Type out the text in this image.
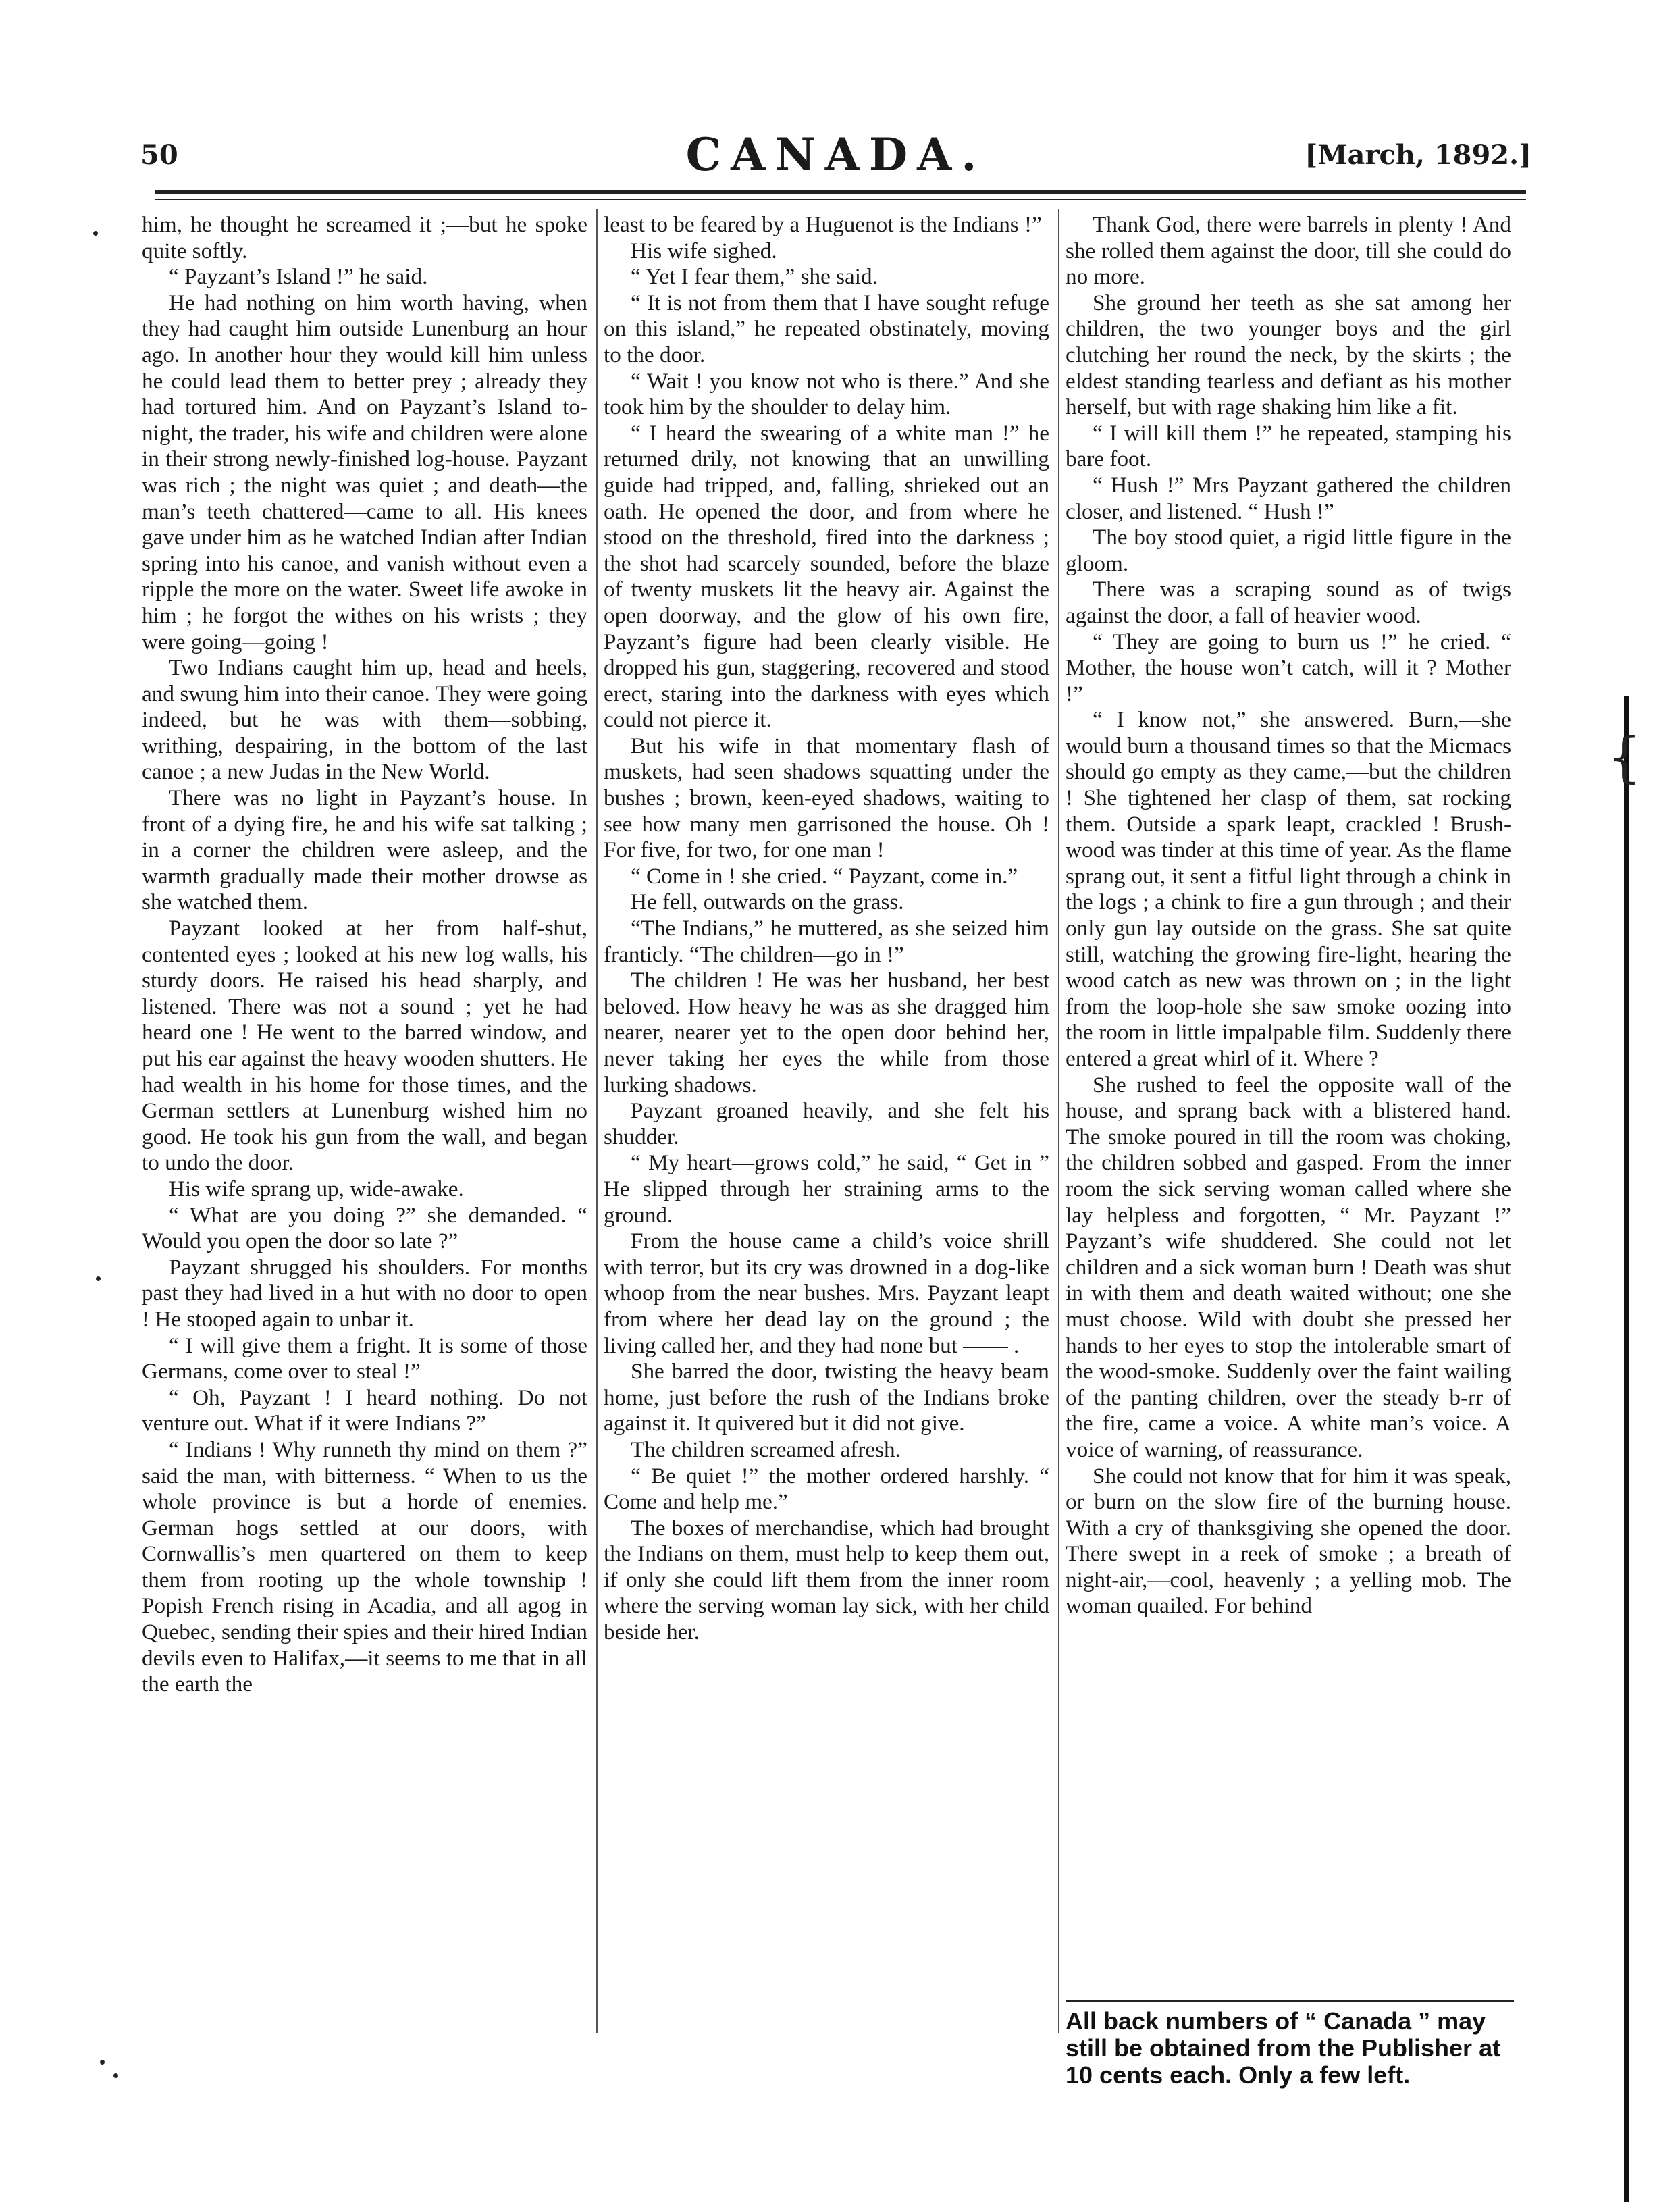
50	CANADA.	[March, 1892.]

him, he thought he screamed it ;—but he spoke quite softly.

“ Payzant’s Island !” he said.

He had nothing on him worth having, when they had caught him outside Lunenburg an hour ago. In another hour they would kill him unless he could lead them to better prey ; already they had tortured him. And on Payzant’s Island to-night, the trader, his wife and children were alone in their strong newly-finished log-house. Payzant was rich ; the night was quiet ; and death—the man’s teeth chattered—came to all. His knees gave under him as he watched Indian after Indian spring into his canoe, and vanish without even a ripple the more on the water. Sweet life awoke in him ; he forgot the withes on his wrists ; they were going—going !

Two Indians caught him up, head and heels, and swung him into their canoe. They were going indeed, but he was with them—sobbing, writhing, despairing, in the bottom of the last canoe ; a new Judas in the New World.

There was no light in Payzant’s house. In front of a dying fire, he and his wife sat talking ; in a corner the children were asleep, and the warmth gradually made their mother drowse as she watched them.

Payzant looked at her from half-shut, contented eyes ; looked at his new log walls, his sturdy doors. He raised his head sharply, and listened. There was not a sound ; yet he had heard one ! He went to the barred window, and put his ear against the heavy wooden shutters. He had wealth in his home for those times, and the German settlers at Lunenburg wished him no good. He took his gun from the wall, and began to undo the door.

His wife sprang up, wide-awake.

“ What are you doing ?” she demanded. “ Would you open the door so late ?”

Payzant shrugged his shoulders. For months past they had lived in a hut with no door to open ! He stooped again to unbar it.

“ I will give them a fright. It is some of those Germans, come over to steal !”

“ Oh, Payzant ! I heard nothing. Do not venture out. What if it were Indians ?”

“ Indians ! Why runneth thy mind on them ?” said the man, with bitterness. “ When to us the whole province is but a horde of enemies. German hogs settled at our doors, with Cornwallis’s men quartered on them to keep them from rooting up the whole township ! Popish French rising in Acadia, and all agog in Quebec, sending their spies and their hired Indian devils even to Halifax,—it seems to me that in all the earth the

least to be feared by a Huguenot is the Indians !”

His wife sighed.

“ Yet I fear them,” she said.

“ It is not from them that I have sought refuge on this island,” he repeated obstinately, moving to the door.

“ Wait ! you know not who is there.” And she took him by the shoulder to delay him.

“ I heard the swearing of a white man !” he returned drily, not knowing that an unwilling guide had tripped, and, falling, shrieked out an oath. He opened the door, and from where he stood on the threshold, fired into the darkness ; the shot had scarcely sounded, before the blaze of twenty muskets lit the heavy air. Against the open doorway, and the glow of his own fire, Payzant’s figure had been clearly visible. He dropped his gun, staggering, recovered and stood erect, staring into the darkness with eyes which could not pierce it.

But his wife in that momentary flash of muskets, had seen shadows squatting under the bushes ; brown, keen-eyed shadows, waiting to see how many men garrisoned the house. Oh ! For five, for two, for one man !

“ Come in ! she cried. “ Payzant, come in.”

He fell, outwards on the grass.

“The Indians,” he muttered, as she seized him franticly. “The children—go in !”

The children ! He was her husband, her best beloved. How heavy he was as she dragged him nearer, nearer yet to the open door behind her, never taking her eyes the while from those lurking shadows.

Payzant groaned heavily, and she felt his shudder.

“ My heart—grows cold,” he said, “ Get in ” He slipped through her straining arms to the ground.

From the house came a child’s voice shrill with terror, but its cry was drowned in a dog-like whoop from the near bushes. Mrs. Payzant leapt from where her dead lay on the ground ; the living called her, and they had none but —— .

She barred the door, twisting the heavy beam home, just before the rush of the Indians broke against it. It quivered but it did not give.

The children screamed afresh.

“ Be quiet !” the mother ordered harshly. “ Come and help me.”

The boxes of merchandise, which had brought the Indians on them, must help to keep them out, if only she could lift them from the inner room where the serving woman lay sick, with her child beside her.

Thank God, there were barrels in plenty ! And she rolled them against the door, till she could do no more.

She ground her teeth as she sat among her children, the two younger boys and the girl clutching her round the neck, by the skirts ; the eldest standing tearless and defiant as his mother herself, but with rage shaking him like a fit.

“ I will kill them !” he repeated, stamping his bare foot.

“ Hush !” Mrs Payzant gathered the children closer, and listened. “ Hush !”

The boy stood quiet, a rigid little figure in the gloom.

There was a scraping sound as of twigs against the door, a fall of heavier wood.

“ They are going to burn us !” he cried. “ Mother, the house won’t catch, will it ? Mother !”

“ I know not,” she answered. Burn,—she would burn a thousand times so that the Micmacs should go empty as they came,—but the children ! She tightened her clasp of them, sat rocking them. Outside a spark leapt, crackled ! Brush-wood was tinder at this time of year. As the flame sprang out, it sent a fitful light through a chink in the logs ; a chink to fire a gun through ; and their only gun lay outside on the grass. She sat quite still, watching the growing fire-light, hearing the wood catch as new was thrown on ; in the light from the loop-hole she saw smoke oozing into the room in little impalpable film. Suddenly there entered a great whirl of it. Where ?

She rushed to feel the opposite wall of the house, and sprang back with a blistered hand. The smoke poured in till the room was choking, the children sobbed and gasped. From the inner room the sick serving woman called where she lay helpless and forgotten, “ Mr. Payzant !” Payzant’s wife shuddered. She could not let children and a sick woman burn ! Death was shut in with them and death waited without; one she must choose. Wild with doubt she pressed her hands to her eyes to stop the intolerable smart of the wood-smoke. Suddenly over the faint wailing of the panting children, over the steady b-rr of the fire, came a voice. A white man’s voice. A voice of warning, of reassurance.

She could not know that for him it was speak, or burn on the slow fire of the burning house. With a cry of thanksgiving she opened the door. There swept in a reek of smoke ; a breath of night-air,—cool, heavenly ; a yelling mob. The woman quailed. For behind

All back numbers of “ Canada ” may still be obtained from the Publisher at 10 cents each. Only a few left.
{
